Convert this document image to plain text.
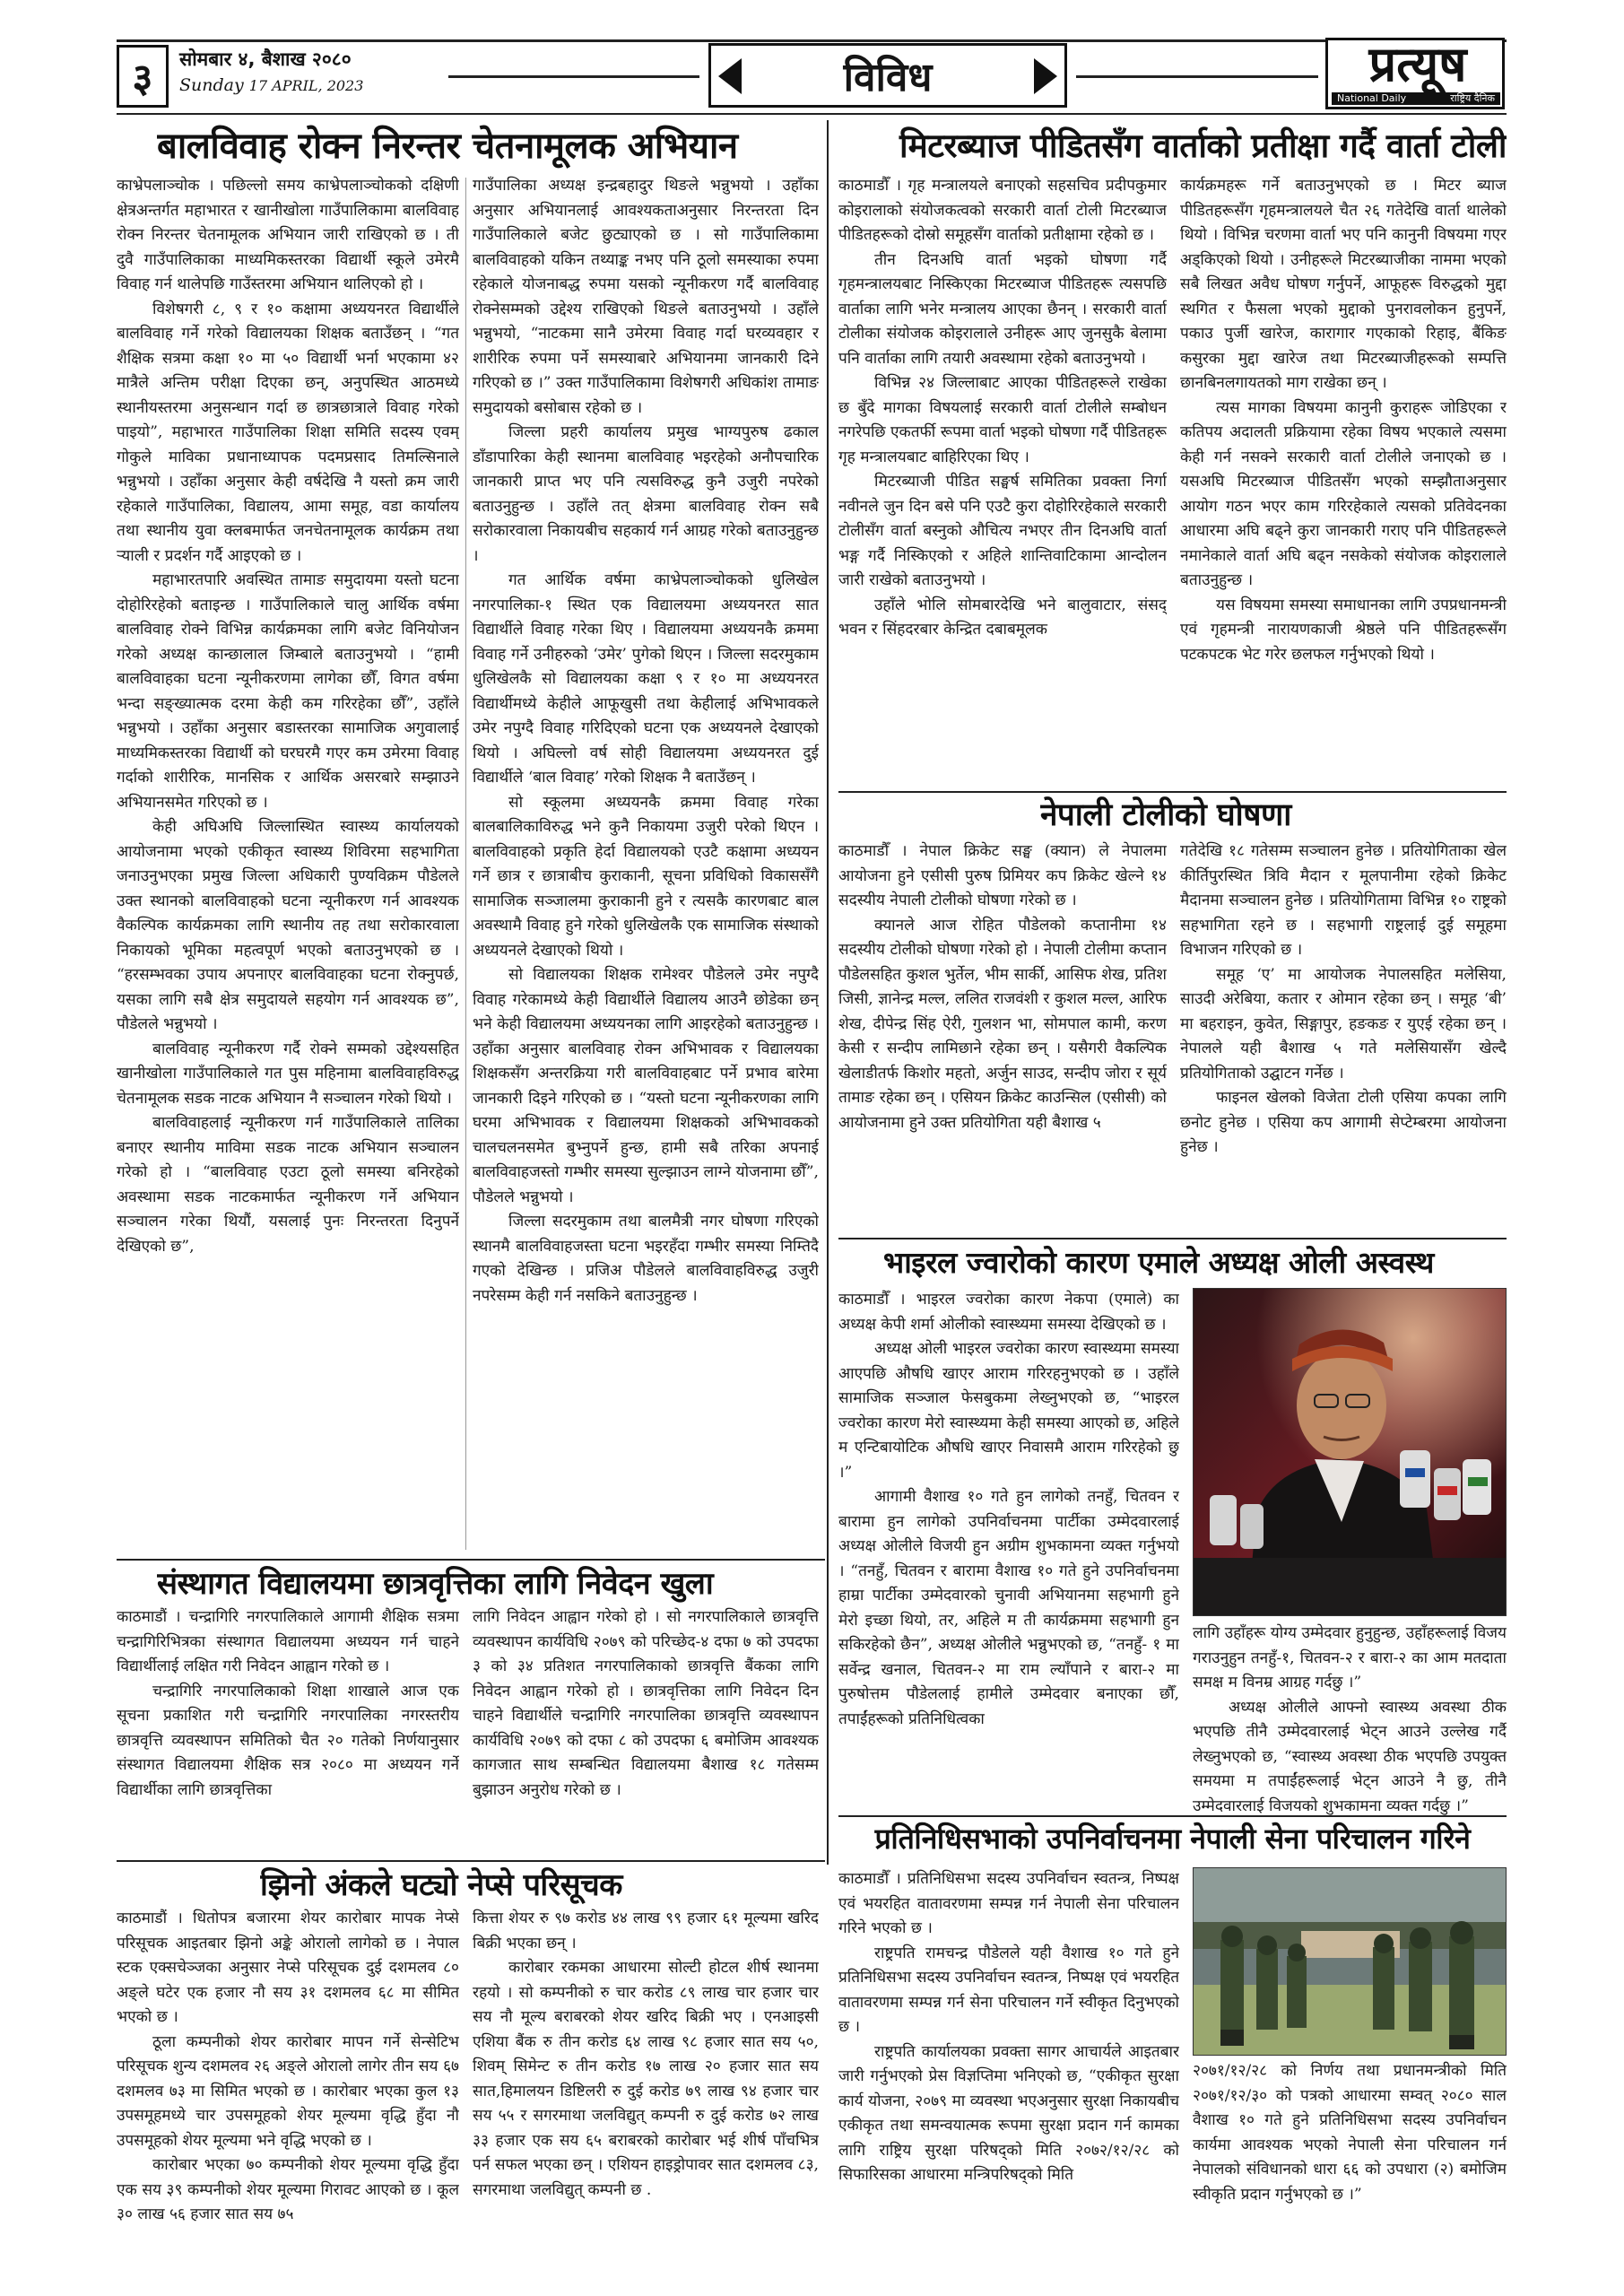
३	सोमबार ४, बैशाख २०८०
Sunday 17 APRIL, 2023	विविध	प्रत्यूष
National Daily	राष्ट्रिय दैनिक
बालविवाह रोक्न निरन्तर चेतनामूलक अभियान

काभ्रेपलाञ्चोक । पछिल्लो समय काभ्रेपलाञ्चोकको दक्षिणी क्षेत्रअन्तर्गत महाभारत र खानीखोला गाउँपालिकामा बालविवाह रोक्न निरन्तर चेतनामूलक अभियान जारी राखिएको छ । ती दुवै गाउँपालिकाका माध्यमिकस्तरका विद्यार्थी स्कूले उमेरमै विवाह गर्न थालेपछि गाउँस्तरमा अभियान थालिएको हो ।

विशेषगरी ८, ९ र १० कक्षामा अध्ययनरत विद्यार्थीले बालविवाह गर्ने गरेको विद्यालयका शिक्षक बताउँछन् । “गत शैक्षिक सत्रमा कक्षा १० मा ५० विद्यार्थी भर्ना भएकामा ४२ मात्रैले अन्तिम परीक्षा दिएका छन्, अनुपस्थित आठमध्ये स्थानीयस्तरमा अनुसन्धान गर्दा छ छात्रछात्राले विवाह गरेको पाइयो”, महाभारत गाउँपालिका शिक्षा समिति सदस्य एवम् गोकुले माविका प्रधानाध्यापक पदमप्रसाद तिमल्सिनाले भन्नुभयो । उहाँका अनुसार केही वर्षदेखि नै यस्तो क्रम जारी रहेकाले गाउँपालिका, विद्यालय, आमा समूह, वडा कार्यालय तथा स्थानीय युवा क्लबमार्फत जनचेतनामूलक कार्यक्रम तथा ऱ्याली र प्रदर्शन गर्दै आइएको छ ।

महाभारतपारि अवस्थित तामाङ समुदायमा यस्तो घटना दोहोरिरहेको बताइन्छ । गाउँपालिकाले चालु आर्थिक वर्षमा बालविवाह रोक्ने विभिन्न कार्यक्रमका लागि बजेट विनियोजन गरेको अध्यक्ष कान्छालाल जिम्बाले बताउनुभयो । “हामी बालविवाहका घटना न्यूनीकरणमा लागेका छौँ, विगत वर्षमा भन्दा सङ्ख्यात्मक दरमा केही कम गरिरहेका छौँ”, उहाँले भन्नुभयो । उहाँका अनुसार बडास्तरका सामाजिक अगुवालाई माध्यमिकस्तरका विद्यार्थी को घरघरमै गएर कम उमेरमा विवाह गर्दाको शारीरिक, मानसिक र आर्थिक असरबारे सम्झाउने अभियानसमेत गरिएको छ ।

केही अघिअघि जिल्लास्थित स्वास्थ्य कार्यालयको आयोजनामा भएको एकीकृत स्वास्थ्य शिविरमा सहभागिता जनाउनुभएका प्रमुख जिल्ला अधिकारी पुण्यविक्रम पौडेलले उक्त स्थानको बालविवाहको घटना न्यूनीकरण गर्न आवश्यक वैकल्पिक कार्यक्रमका लागि स्थानीय तह तथा सरोकारवाला निकायको भूमिका महत्वपूर्ण भएको बताउनुभएको छ । “हरसम्भवका उपाय अपनाएर बालविवाहका घटना रोक्नुपर्छ, यसका लागि सबै क्षेत्र समुदायले सहयोग गर्न आवश्यक छ”, पौडेलले भन्नुभयो ।

बालविवाह न्यूनीकरण गर्दै रोक्ने सम्मको उद्देश्यसहित खानीखोला गाउँपालिकाले गत पुस महिनामा बालविवाहविरुद्ध चेतनामूलक सडक नाटक अभियान नै सञ्चालन गरेको थियो ।

बालविवाहलाई न्यूनीकरण गर्न गाउँपालिकाले तालिका बनाएर स्थानीय माविमा सडक नाटक अभियान सञ्चालन गरेको हो । “बालविवाह एउटा ठूलो समस्या बनिरहेको अवस्थामा सडक नाटकमार्फत न्यूनीकरण गर्ने अभियान सञ्चालन गरेका थियौं, यसलाई पुनः निरन्तरता दिनुपर्ने देखिएको छ”,

गाउँपालिका अध्यक्ष इन्द्रबहादुर थिङले भन्नुभयो । उहाँका अनुसार अभियानलाई आवश्यकताअनुसार निरन्तरता दिन गाउँपालिकाले बजेट छुट्याएको छ । सो गाउँपालिकामा बालविवाहको यकिन तथ्याङ्क नभए पनि ठूलो समस्याका रुपमा रहेकाले योजनाबद्ध रुपमा यसको न्यूनीकरण गर्दै बालविवाह रोक्नेसम्मको उद्देश्य राखिएको थिङले बताउनुभयो । उहाँले भन्नुभयो, “नाटकमा सानै उमेरमा विवाह गर्दा घरव्यवहार र शारीरिक रुपमा पर्ने समस्याबारे अभियानमा जानकारी दिने गरिएको छ ।” उक्त गाउँपालिकामा विशेषगरी अधिकांश तामाङ समुदायको बसोबास रहेको छ ।

जिल्ला प्रहरी कार्यालय प्रमुख भाग्यपुरुष ढकाल डाँडापारिका केही स्थानमा बालविवाह भइरहेको अनौपचारिक जानकारी प्राप्त भए पनि त्यसविरुद्ध कुनै उजुरी नपरेको बताउनुहुन्छ । उहाँले तत् क्षेत्रमा बालविवाह रोक्न सबै सरोकारवाला निकायबीच सहकार्य गर्न आग्रह गरेको बताउनुहुन्छ ।

गत आर्थिक वर्षमा काभ्रेपलाञ्चोकको धुलिखेल नगरपालिका-१ स्थित एक विद्यालयमा अध्ययनरत सात विद्यार्थीले विवाह गरेका थिए । विद्यालयमा अध्ययनकै क्रममा विवाह गर्ने उनीहरुको ‘उमेर’ पुगेको थिएन । जिल्ला सदरमुकाम धुलिखेलकै सो विद्यालयका कक्षा ९ र १० मा अध्ययनरत विद्यार्थीमध्ये केहीले आफूखुसी तथा केहीलाई अभिभावकले उमेर नपुग्दै विवाह गरिदिएको घटना एक अध्ययनले देखाएको थियो । अघिल्लो वर्ष सोही विद्यालयमा अध्ययनरत दुई विद्यार्थीले ‘बाल विवाह’ गरेको शिक्षक नै बताउँछन् ।

सो स्कूलमा अध्ययनकै क्रममा विवाह गरेका बालबालिकाविरुद्ध भने कुनै निकायमा उजुरी परेको थिएन । बालविवाहको प्रकृति हेर्दा विद्यालयको एउटै कक्षामा अध्ययन गर्ने छात्र र छात्राबीच कुराकानी, सूचना प्रविधिको विकाससँगै सामाजिक सञ्जालमा कुराकानी हुने र त्यसकै कारणबाट बाल अवस्थामै विवाह हुने गरेको धुलिखेलकै एक सामाजिक संस्थाको अध्ययनले देखाएको थियो ।

सो विद्यालयका शिक्षक रामेश्वर पौडेलले उमेर नपुग्दै विवाह गरेकामध्ये केही विद्यार्थीले विद्यालय आउनै छोडेका छन् भने केही विद्यालयमा अध्ययनका लागि आइरहेको बताउनुहुन्छ । उहाँका अनुसार बालविवाह रोक्न अभिभावक र विद्यालयका शिक्षकसँग अन्तरक्रिया गरी बालविवाहबाट पर्ने प्रभाव बारेमा जानकारी दिइने गरिएको छ । “यस्तो घटना न्यूनीकरणका लागि घरमा अभिभावक र विद्यालयमा शिक्षकको अभिभावकको चालचलनसमेत बुभ्नुपर्ने हुन्छ, हामी सबै तरिका अपनाई बालविवाहजस्तो गम्भीर समस्या सुल्झाउन लाग्ने योजनामा छौँ”, पौडेलले भन्नुभयो ।

जिल्ला सदरमुकाम तथा बालमैत्री नगर घोषणा गरिएको स्थानमै बालविवाहजस्ता घटना भइरहँदा गम्भीर समस्या निम्तिदै गएको देखिन्छ । प्रजिअ पौडेलले बालविवाहविरुद्ध उजुरी नपरेसम्म केही गर्न नसकिने बताउनुहुन्छ ।

संस्थागत विद्यालयमा छात्रवृत्तिका लागि निवेदन खुला

काठमाडौं । चन्द्रागिरि नगरपालिकाले आगामी शैक्षिक सत्रमा चन्द्रागिरिभित्रका संस्थागत विद्यालयमा अध्ययन गर्न चाहने विद्यार्थीलाई लक्षित गरी निवेदन आह्वान गरेको छ ।

चन्द्रागिरि नगरपालिकाको शिक्षा शाखाले आज एक सूचना प्रकाशित गरी चन्द्रागिरि नगरपालिका नगरस्तरीय छात्रवृत्ति व्यवस्थापन समितिको चैत २० गतेको निर्णयानुसार संस्थागत विद्यालयमा शैक्षिक सत्र २०८० मा अध्ययन गर्ने विद्यार्थीका लागि छात्रवृत्तिका

लागि निवेदन आह्वान गरेको हो । सो नगरपालिकाले छात्रवृत्ति व्यवस्थापन कार्यविधि २०७९ को परिच्छेद-४ दफा ७ को उपदफा ३ को ३४ प्रतिशत नगरपालिकाको छात्रवृत्ति बैंकका लागि निवेदन आह्वान गरेको हो । छात्रवृत्तिका लागि निवेदन दिन चाहने विद्यार्थीले चन्द्रागिरि नगरपालिका छात्रवृत्ति व्यवस्थापन कार्यविधि २०७९ को दफा ८ को उपदफा ६ बमोजिम आवश्यक कागजात साथ सम्बन्धित विद्यालयमा बैशाख १८ गतेसम्म बुझाउन अनुरोध गरेको छ ।

झिनो अंकले घट्यो नेप्से परिसूचक

काठमाडौं । धितोपत्र बजारमा शेयर कारोबार मापक नेप्से परिसूचक आइतबार झिनो अङ्के ओरालो लागेको छ । नेपाल स्टक एक्सचेञ्जका अनुसार नेप्से परिसूचक दुई दशमलव ८० अङ्ले घटेर एक हजार नौ सय ३१ दशमलव ६८ मा सीमित भएको छ ।

ठूला कम्पनीको शेयर कारोबार मापन गर्ने सेन्सेटिभ परिसूचक शुन्य दशमलव २६ अङ्ले ओरालो लागेर तीन सय ६७ दशमलव ७३ मा सिमित भएको छ । कारोबार भएका कुल १३ उपसमूहमध्ये चार उपसमूहको शेयर मूल्यमा वृद्धि हुँदा नौ उपसमूहको शेयर मूल्यमा भने वृद्धि भएको छ ।

कारोबार भएका ७० कम्पनीको शेयर मूल्यमा वृद्धि हुँदा एक सय ३९ कम्पनीको शेयर मूल्यमा गिरावट आएको छ । कूल ३० लाख ५६ हजार सात सय ७५

कित्ता शेयर रु ९७ करोड ४४ लाख ९९ हजार ६१ मूल्यमा खरिद बिक्री भएका छन् ।

कारोबार रकमका आधारमा सोल्टी होटल शीर्ष स्थानमा रहयो । सो कम्पनीको रु चार करोड ८९ लाख चार हजार चार सय नौ मूल्य बराबरको शेयर खरिद बिक्री भए । एनआइसी एशिया बैंक रु तीन करोड ६४ लाख ९८ हजार सात सय ५०, शिवम् सिमेन्ट रु तीन करोड १७ लाख २० हजार सात सय सात,हिमालयन डिष्टिलरी रु दुई करोड ७९ लाख ९४ हजार चार सय ५५ र सगरमाथा जलविद्युत् कम्पनी रु दुई करोड ७२ लाख ३३ हजार एक सय ६५ बराबरको कारोबार भई शीर्ष पाँचभित्र पर्न सफल भएका छन् । एशियन हाइड्रोपावर सात दशमलव ८३, सगरमाथा जलविद्युत् कम्पनी छ .

मिटरब्याज पीडितसँग वार्ताको प्रतीक्षा गर्दै वार्ता टोली

काठमाडौँ । गृह मन्त्रालयले बनाएको सहसचिव प्रदीपकुमार कोइरालाको संयोजकत्वको सरकारी वार्ता टोली मिटरब्याज पीडितहरूको दोस्रो समूहसँग वार्ताको प्रतीक्षामा रहेको छ ।

तीन दिनअघि वार्ता भइको घोषणा गर्दै गृहमन्त्रालयबाट निस्किएका मिटरब्याज पीडितहरू त्यसपछि वार्ताका लागि भनेर मन्त्रालय आएका छैनन् । सरकारी वार्ता टोलीका संयोजक कोइरालाले उनीहरू आए जुनसुकै बेलामा पनि वार्ताका लागि तयारी अवस्थामा रहेको बताउनुभयो ।

विभिन्न २४ जिल्लाबाट आएका पीडितहरूले राखेका छ बुँदे मागका विषयलाई सरकारी वार्ता टोलीले सम्बोधन नगरेपछि एकतर्फी रूपमा वार्ता भइको घोषणा गर्दै पीडितहरू गृह मन्त्रालयबाट बाहिरिएका थिए ।

मिटरब्याजी पीडित सङ्घर्ष समितिका प्रवक्ता निर्गा नवीनले जुन दिन बसे पनि एउटै कुरा दोहोरिरहेकाले सरकारी टोलीसँग वार्ता बस्नुको औचित्य नभएर तीन दिनअघि वार्ता भङ्ग गर्दै निस्किएको र अहिले शान्तिवाटिकामा आन्दोलन जारी राखेको बताउनुभयो ।

उहाँले भोलि सोमबारदेखि भने बालुवाटार, संसद् भवन र सिंहदरबार केन्द्रित दबाबमूलक

कार्यक्रमहरू गर्ने बताउनुभएको छ । मिटर ब्याज पीडितहरूसँग गृहमन्त्रालयले चैत २६ गतेदेखि वार्ता थालेको थियो । विभिन्न चरणमा वार्ता भए पनि कानुनी विषयमा गएर अड्किएको थियो । उनीहरूले मिटरब्याजीका नाममा भएको सबै लिखत अवैध घोषण गर्नुपर्ने, आफूहरू विरुद्धको मुद्दा स्थगित र फैसला भएको मुद्दाको पुनरावलोकन हुनुपर्ने, पकाउ पुर्जी खारेज, कारागार गएकाको रिहाइ, बैंकिङ कसुरका मुद्दा खारेज तथा मिटरब्याजीहरूको सम्पत्ति छानबिनलगायतको माग राखेका छन् ।

त्यस मागका विषयमा कानुनी कुराहरू जोडिएका र कतिपय अदालती प्रक्रियामा रहेका विषय भएकाले त्यसमा केही गर्न नसक्ने सरकारी वार्ता टोलीले जनाएको छ । यसअघि मिटरब्याज पीडितसँग भएको सम्झौताअनुसार आयोग गठन भएर काम गरिरहेकाले त्यसको प्रतिवेदनका आधारमा अघि बढ्ने कुरा जानकारी गराए पनि पीडितहरूले नमानेकाले वार्ता अघि बढ्न नसकेको संयोजक कोइरालाले बताउनुहुन्छ ।

यस विषयमा समस्या समाधानका लागि उपप्रधानमन्त्री एवं गृहमन्त्री नारायणकाजी श्रेष्ठले पनि पीडितहरूसँग पटकपटक भेट गरेर छलफल गर्नुभएको थियो ।

नेपाली टोलीको घोषणा

काठमाडौँ । नेपाल क्रिकेट सङ्घ (क्यान) ले नेपालमा आयोजना हुने एसीसी पुरुष प्रिमियर कप क्रिकेट खेल्ने १४ सदस्यीय नेपाली टोलीको घोषणा गरेको छ ।

क्यानले आज रोहित पौडेलको कप्तानीमा १४ सदस्यीय टोलीको घोषणा गरेको हो । नेपाली टोलीमा कप्तान पौडेलसहित कुशल भुर्तेल, भीम सार्की, आसिफ शेख, प्रतिश जिसी, ज्ञानेन्द्र मल्ल, ललित राजवंशी र कुशल मल्ल, आरिफ शेख, दीपेन्द्र सिंह ऐरी, गुलशन भा, सोमपाल कामी, करण केसी र सन्दीप लामिछाने रहेका छन् । यसैगरी वैकल्पिक खेलाडीतर्फ किशोर महतो, अर्जुन साउद, सन्दीप जोरा र सूर्य तामाङ रहेका छन् । एसियन क्रिकेट काउन्सिल (एसीसी) को आयोजनामा हुने उक्त प्रतियोगिता यही बैशाख ५

गतेदेखि १८ गतेसम्म सञ्चालन हुनेछ । प्रतियोगिताका खेल कीर्तिपुरस्थित त्रिवि मैदान र मूलपानीमा रहेको क्रिकेट मैदानमा सञ्चालन हुनेछ । प्रतियोगितामा विभिन्न १० राष्ट्रको सहभागिता रहने छ । सहभागी राष्ट्रलाई दुई समूहमा विभाजन गरिएको छ ।

समूह ‘ए’ मा आयोजक नेपालसहित मलेसिया, साउदी अरेबिया, कतार र ओमान रहेका छन् । समूह ‘बी’ मा बहराइन, कुवेत, सिङ्गापुर, हङकङ र युएई रहेका छन् । नेपालले यही बैशाख ५ गते मलेसियासँग खेल्दै प्रतियोगिताको उद्घाटन गर्नेछ ।

फाइनल खेलको विजेता टोली एसिया कपका लागि छनोट हुनेछ । एसिया कप आगामी सेप्टेम्बरमा आयोजना हुनेछ ।

भाइरल ज्वारोको कारण एमाले अध्यक्ष ओली अस्वस्थ

काठमाडौँ । भाइरल ज्वरोका कारण नेकपा (एमाले) का अध्यक्ष केपी शर्मा ओलीको स्वास्थ्यमा समस्या देखिएको छ ।

अध्यक्ष ओली भाइरल ज्वरोका कारण स्वास्थ्यमा समस्या आएपछि औषधि खाएर आराम गरिरहनुभएको छ । उहाँले सामाजिक सञ्जाल फेसबुकमा लेख्नुभएको छ, “भाइरल ज्वरोका कारण मेरो स्वास्थ्यमा केही समस्या आएको छ, अहिले म एन्टिबायोटिक औषधि खाएर निवासमै आराम गरिरहेको छु ।”

आगामी वैशाख १० गते हुन लागेको तनहुँ, चितवन र बारामा हुन लागेको उपनिर्वाचनमा पार्टीका उम्मेदवारलाई अध्यक्ष ओलीले विजयी हुन अग्रीम शुभकामना व्यक्त गर्नुभयो । “तनहुँ, चितवन र बारामा वैशाख १० गते हुने उपनिर्वाचनमा हाम्रा पार्टीका उम्मेदवारको चुनावी अभियानमा सहभागी हुने मेरो इच्छा थियो, तर, अहिले म ती कार्यक्रममा सहभागी हुन सकिरहेको छैन”, अध्यक्ष ओलीले भन्नुभएको छ, “तनहुँ- १ मा सर्वेन्द्र खनाल, चितवन-२ मा राम ल्याँपाने र बारा-२ मा पुरुषोत्तम पौडेललाई हामीले उम्मेदवार बनाएका छौँ, तपाईंहरूको प्रतिनिधित्वका

लागि उहाँहरू योग्य उम्मेदवार हुनुहुन्छ, उहाँहरूलाई विजय गराउनुहुन तनहुँ-१, चितवन-२ र बारा-२ का आम मतदाता समक्ष म विनम्र आग्रह गर्दछु ।”

अध्यक्ष ओलीले आफ्नो स्वास्थ्य अवस्था ठीक भएपछि तीनै उम्मेदवारलाई भेट्न आउने उल्लेख गर्दै लेख्नुभएको छ, “स्वास्थ्य अवस्था ठीक भएपछि उपयुक्त समयमा म तपाईंहरूलाई भेट्न आउने नै छु, तीनै उम्मेदवारलाई विजयको शुभकामना व्यक्त गर्दछु ।”

प्रतिनिधिसभाको उपनिर्वाचनमा नेपाली सेना परिचालन गरिने

काठमाडौँ । प्रतिनिधिसभा सदस्य उपनिर्वाचन स्वतन्त्र, निष्पक्ष एवं भयरहित वातावरणमा सम्पन्न गर्न नेपाली सेना परिचालन गरिने भएको छ ।

राष्ट्रपति रामचन्द्र पौडेलले यही वैशाख १० गते हुने प्रतिनिधिसभा सदस्य उपनिर्वाचन स्वतन्त्र, निष्पक्ष एवं भयरहित वातावरणमा सम्पन्न गर्न सेना परिचालन गर्ने स्वीकृत दिनुभएको छ ।

राष्ट्रपति कार्यालयका प्रवक्ता सागर आचार्यले आइतबार जारी गर्नुभएको प्रेस विज्ञप्तिमा भनिएको छ, “एकीकृत सुरक्षा कार्य योजना, २०७९ मा व्यवस्था भएअनुसार सुरक्षा निकायबीच एकीकृत तथा समन्वयात्मक रूपमा सुरक्षा प्रदान गर्न कामका लागि राष्ट्रिय सुरक्षा परिषद्को मिति २०७२/१२/२८ को सिफारिसका आधारमा मन्त्रिपरिषद्को मिति

२०७१/१२/२८ को निर्णय तथा प्रधानमन्त्रीको मिति २०७१/१२/३० को पत्रको आधारमा सम्वत् २०८० साल वैशाख १० गते हुने प्रतिनिधिसभा सदस्य उपनिर्वाचन कार्यमा आवश्यक भएको नेपाली सेना परिचालन गर्न नेपालको संविधानको धारा ६६ को उपधारा (२) बमोजिम स्वीकृति प्रदान गर्नुभएको छ ।”
